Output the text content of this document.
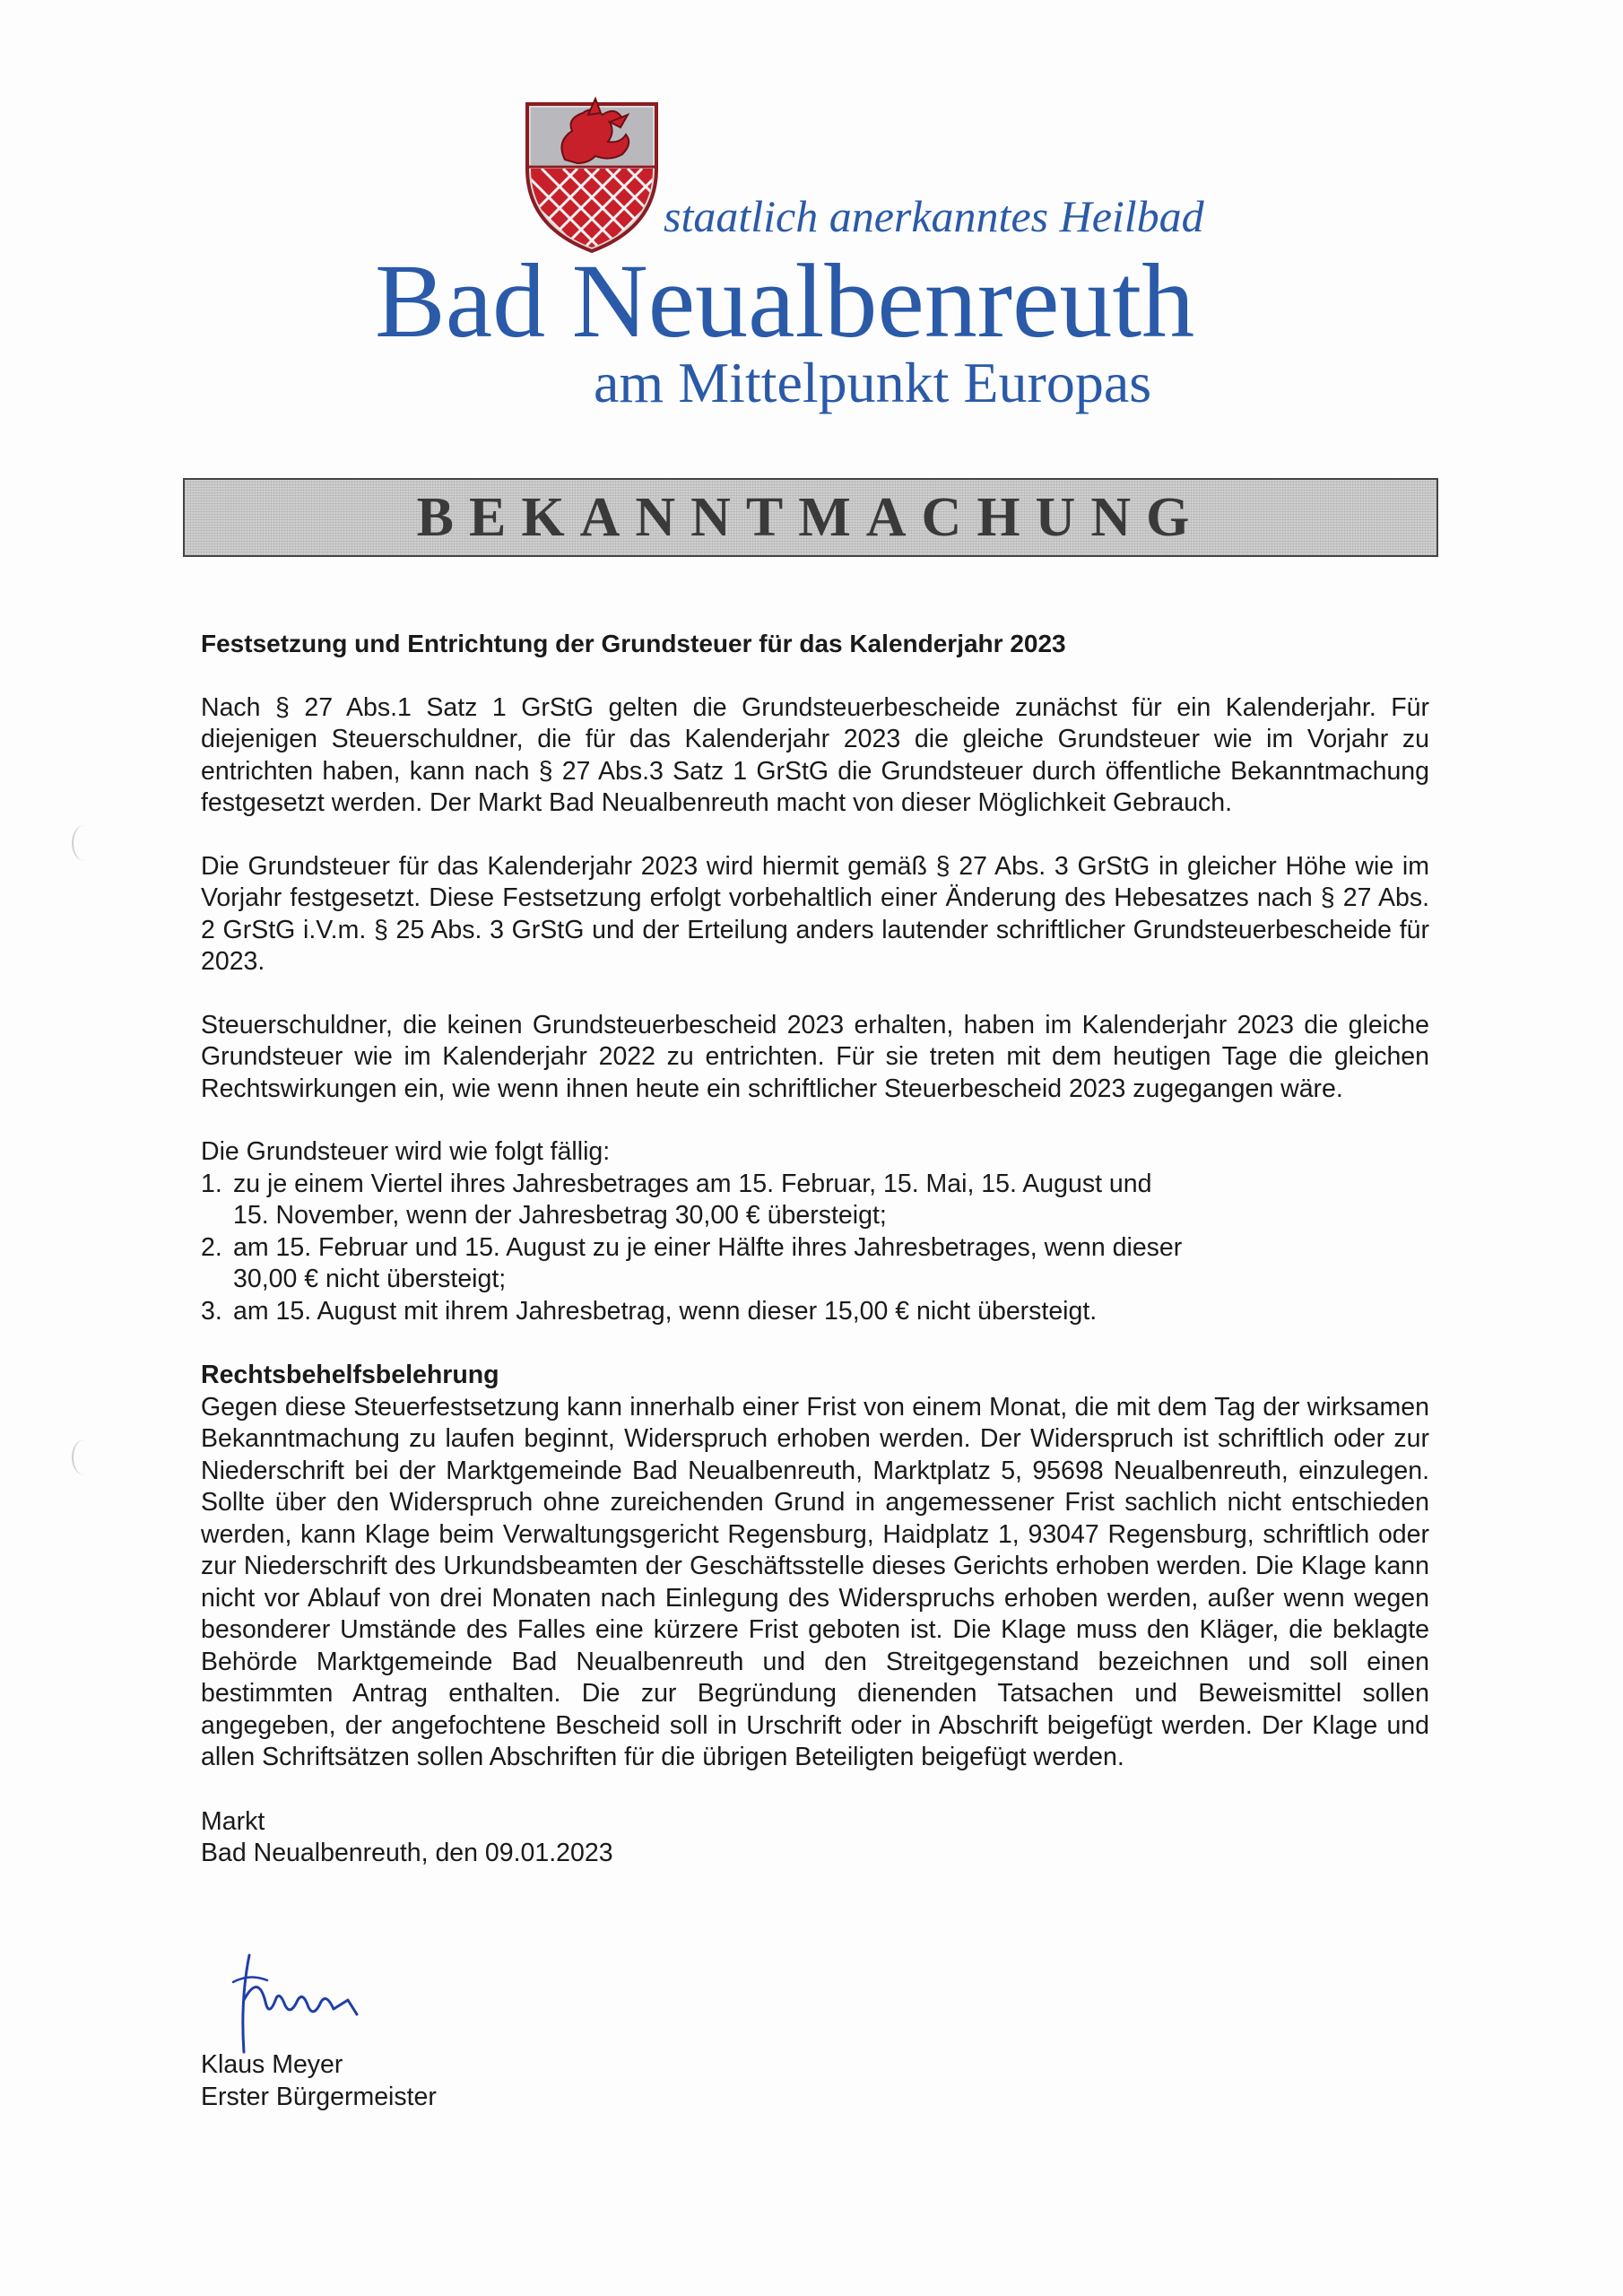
staatlich anerkanntes Heilbad
Bad Neualbenreuth
am Mittelpunkt Europas
BEKANNTMACHUNG

Festsetzung und Entrichtung der Grundsteuer für das Kalenderjahr 2023

Nach § 27 Abs.1 Satz 1 GrStG gelten die Grundsteuerbescheide zunächst für ein Kalenderjahr. Für diejenigen Steuerschuldner, die für das Kalenderjahr 2023 die gleiche Grundsteuer wie im Vorjahr zu entrichten haben, kann nach § 27 Abs.3 Satz 1 GrStG die Grundsteuer durch öffentliche Bekanntmachung festgesetzt werden. Der Markt Bad Neualbenreuth macht von dieser Möglichkeit Gebrauch.

Die Grundsteuer für das Kalenderjahr 2023 wird hiermit gemäß § 27 Abs. 3 GrStG in gleicher Höhe wie im Vorjahr festgesetzt. Diese Festsetzung erfolgt vorbehaltlich einer Änderung des Hebesatzes nach § 27 Abs. 2 GrStG i.V.m. § 25 Abs. 3 GrStG und der Erteilung anders lautender schriftlicher Grundsteuerbescheide für 2023.

Steuerschuldner, die keinen Grundsteuerbescheid 2023 erhalten, haben im Kalenderjahr 2023 die gleiche Grundsteuer wie im Kalenderjahr 2022 zu entrichten. Für sie treten mit dem heutigen Tage die gleichen Rechtswirkungen ein, wie wenn ihnen heute ein schriftlicher Steuerbescheid 2023 zugegangen wäre.

Die Grundsteuer wird wie folgt fällig:

1. zu je einem Viertel ihres Jahresbetrages am 15. Februar, 15. Mai, 15. August und 15. November, wenn der Jahresbetrag 30,00 € übersteigt;
2. am 15. Februar und 15. August zu je einer Hälfte ihres Jahresbetrages, wenn dieser 30,00 € nicht übersteigt;
3. am 15. August mit ihrem Jahresbetrag, wenn dieser 15,00 € nicht übersteigt.

Rechtsbehelfsbelehrung

Gegen diese Steuerfestsetzung kann innerhalb einer Frist von einem Monat, die mit dem Tag der wirksamen Bekanntmachung zu laufen beginnt, Widerspruch erhoben werden. Der Widerspruch ist schriftlich oder zur Niederschrift bei der Marktgemeinde Bad Neualbenreuth, Marktplatz 5, 95698 Neualbenreuth, einzulegen. Sollte über den Widerspruch ohne zureichenden Grund in angemessener Frist sachlich nicht entschieden werden, kann Klage beim Verwaltungsgericht Regensburg, Haidplatz 1, 93047 Regensburg, schriftlich oder zur Niederschrift des Urkundsbeamten der Geschäftsstelle dieses Gerichts erhoben werden. Die Klage kann nicht vor Ablauf von drei Monaten nach Einlegung des Widerspruchs erhoben werden, außer wenn wegen besonderer Umstände des Falles eine kürzere Frist geboten ist. Die Klage muss den Kläger, die beklagte Behörde Marktgemeinde Bad Neualbenreuth und den Streitgegenstand bezeichnen und soll einen bestimmten Antrag enthalten. Die zur Begründung dienenden Tatsachen und Beweismittel sollen angegeben, der angefochtene Bescheid soll in Urschrift oder in Abschrift beigefügt werden. Der Klage und allen Schriftsätzen sollen Abschriften für die übrigen Beteiligten beigefügt werden.

Markt
Bad Neualbenreuth, den 09.01.2023
Klaus Meyer
Erster Bürgermeister
